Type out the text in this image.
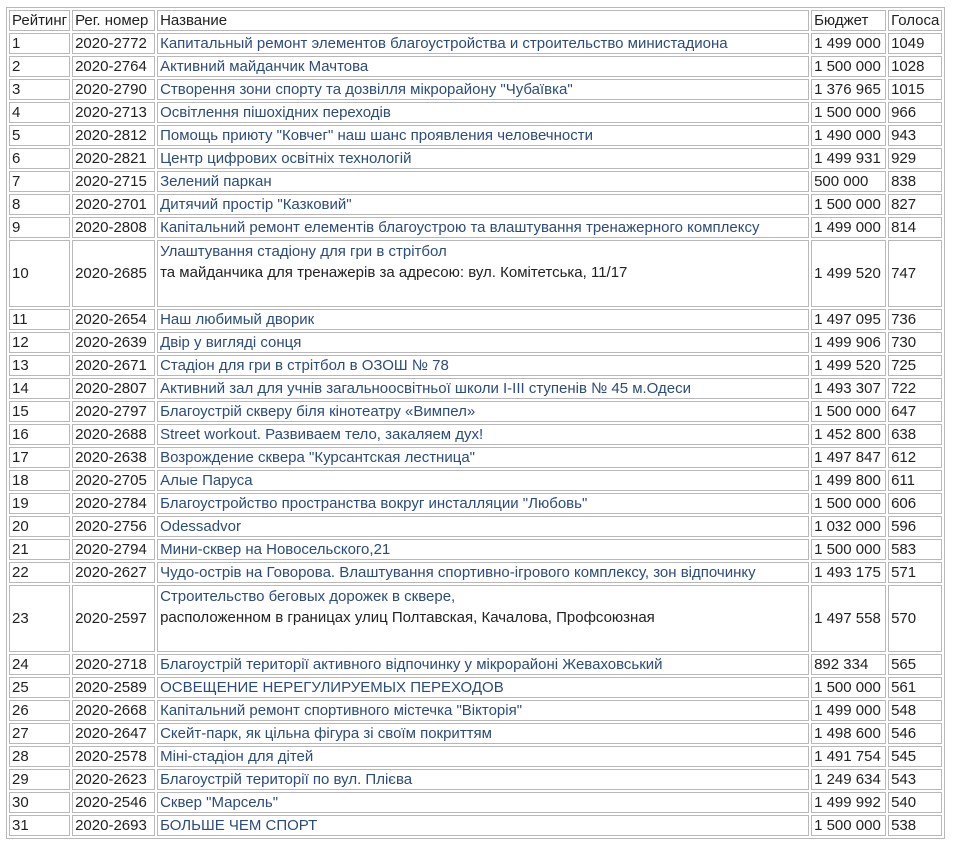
Рейтинг	Рег. номер	Название	Бюджет	Голоса
1	2020-2772	Капитальный ремонт элементов благоустройства и строительство министадиона	1 499 000	1049
2	2020-2764	Активний майданчик Мачтова	1 500 000	1028
3	2020-2790	Створення зони спорту та дозвілля мікрорайону "Чубаївка"	1 376 965	1015
4	2020-2713	Освітлення пішохідних переходів	1 500 000	966
5	2020-2812	Помощь приюту "Ковчег" наш шанс проявления человечности	1 490 000	943
6	2020-2821	Центр цифрових освітніх технологій	1 499 931	929
7	2020-2715	Зелений паркан	500 000	838
8	2020-2701	Дитячий простір "Казковий"	1 500 000	827
9	2020-2808	Капітальний ремонт елементів благоустрою та влаштування тренажерного комплексу	1 499 000	814
10	2020-2685	Улаштування стадіону для гри в стрітбол
та майданчика для тренажерів за адресою: вул. Комітетська, 11/17	1 499 520	747
11	2020-2654	Наш любимый дворик	1 497 095	736
12	2020-2639	Двір у вигляді сонця	1 499 906	730
13	2020-2671	Стадіон для гри в стрітбол в ОЗОШ № 78	1 499 520	725
14	2020-2807	Активний зал для учнів загальноосвітньої школи I-III ступенів № 45 м.Одеси	1 493 307	722
15	2020-2797	Благоустрій скверу біля кінотеатру «Вимпел»	1 500 000	647
16	2020-2688	Street workout. Развиваем тело, закаляем дух!	1 452 800	638
17	2020-2638	Возрождение сквера "Курсантская лестница"	1 497 847	612
18	2020-2705	Алые Паруса	1 499 800	611
19	2020-2784	Благоустройство пространства вокруг инсталляции "Любовь"	1 500 000	606
20	2020-2756	Odessadvor	1 032 000	596
21	2020-2794	Мини-сквер на Новосельского,21	1 500 000	583
22	2020-2627	Чудо-острів на Говорова. Влаштування спортивно-ігрового комплексу, зон відпочинку	1 493 175	571
23	2020-2597	Строительство беговых дорожек в сквере,
расположенном в границах улиц Полтавская, Качалова, Профсоюзная	1 497 558	570
24	2020-2718	Благоустрій території активного відпочинку у мікрорайоні Жеваховський	892 334	565
25	2020-2589	ОСВЕЩЕНИЕ НЕРЕГУЛИРУЕМЫХ ПЕРЕХОДОВ	1 500 000	561
26	2020-2668	Капітальний ремонт спортивного містечка "Вікторія"	1 499 000	548
27	2020-2647	Скейт-парк, як цільна фігура зі своїм покриттям	1 498 600	546
28	2020-2578	Міні-стадіон для дітей	1 491 754	545
29	2020-2623	Благоустрій території по вул. Плієва	1 249 634	543
30	2020-2546	Сквер "Марсель"	1 499 992	540
31	2020-2693	БОЛЬШЕ ЧЕМ СПОРТ	1 500 000	538
